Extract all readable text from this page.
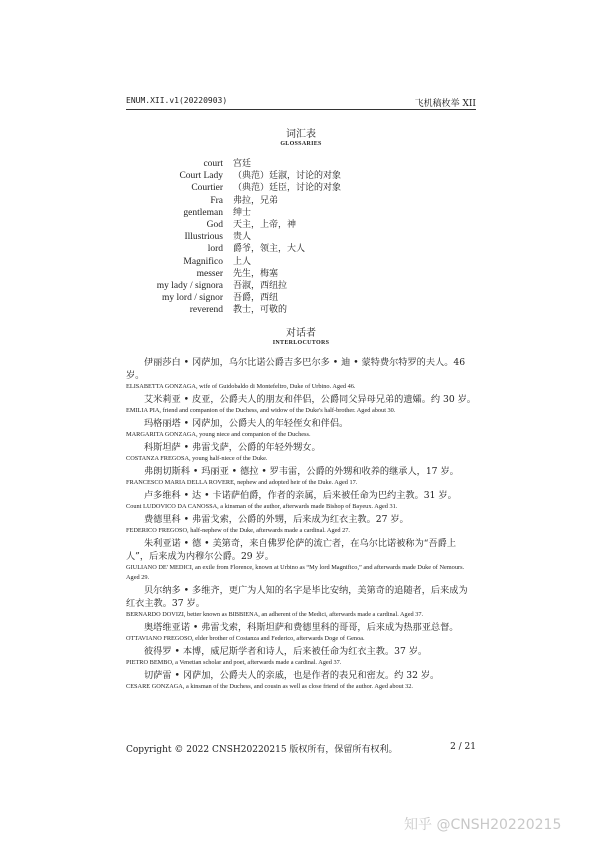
ENUM.XII.v1(20220903)	飞机稿枚举 XII
词汇表
GLOSSARIES
court 宫廷
Court Lady （典范）廷淑，讨论的对象
Courtier （典范）廷臣，讨论的对象
Fra 弗拉，兄弟
gentleman 绅士
God 天主，上帝，神
Illustrious 贵人
lord 爵爷，领主，大人
Magnifico 上人
messer 先生，梅塞
my lady / signora 吾淑，西纽拉
my lord / signor 吾爵，西纽
reverend 教士，可敬的
对话者
INTERLOCUTORS

伊丽莎白 • 冈萨加，乌尔比诺公爵吉多巴尔多 • 迪 • 蒙特费尔特罗的夫人。46 岁。

ELISABETTA GONZAGA, wife of Guidobaldo di Montefeltro, Duke of Urbino. Aged 46.

艾米莉亚 • 皮亚，公爵夫人的朋友和伴侣，公爵同父异母兄弟的遗孀。约 30 岁。

EMILIA PIA, friend and companion of the Duchess, and widow of the Duke's half-brother. Aged about 30.

玛格丽塔 • 冈萨加，公爵夫人的年轻侄女和伴侣。

MARGARITA GONZAGA, young niece and companion of the Duchess.

科斯坦萨 • 弗雷戈萨，公爵的年轻外甥女。

COSTANZA FREGOSA, young half-niece of the Duke.

弗朗切斯科 • 玛丽亚 • 德拉 • 罗韦雷，公爵的外甥和收养的继承人，17 岁。

FRANCESCO MARIA DELLA ROVERE, nephew and adopted heir of the Duke. Aged 17.

卢多维科 • 达 • 卡诺萨伯爵，作者的亲属，后来被任命为巴约主教。31 岁。

Count LUDOVICO DA CANOSSA, a kinsman of the author, afterwards made Bishop of Bayeux. Aged 31.

费德里科 • 弗雷戈索，公爵的外甥，后来成为红衣主教。27 岁。

FEDERICO FREGOSO, half-nephew of the Duke, afterwards made a cardinal. Aged 27.

朱利亚诺 • 德 • 美第奇，来自佛罗伦萨的流亡者，在乌尔比诺被称为“吾爵上人”，后来成为内穆尔公爵。29 岁。

GIULIANO DE' MEDICI, an exile from Florence, known at Urbino as “My lord Magnifico,” and afterwards made Duke of Nemours. Aged 29.

贝尔纳多 • 多维齐，更广为人知的名字是毕比安纳，美第奇的追随者，后来成为红衣主教。37 岁。

BERNARDO DOVIZI, better known as BIBBIENA, an adherent of the Medici, afterwards made a cardinal. Aged 37.

奥塔维亚诺 • 弗雷戈索，科斯坦萨和费德里科的哥哥，后来成为热那亚总督。

OTTAVIANO FREGOSO, elder brother of Costanza and Federico, afterwards Doge of Genoa.

彼得罗 • 本博，威尼斯学者和诗人，后来被任命为红衣主教。37 岁。

PIETRO BEMBO, a Venetian scholar and poet, afterwards made a cardinal. Aged 37.

切萨雷 • 冈萨加，公爵夫人的亲戚，也是作者的表兄和密友。约 32 岁。

CESARE GONZAGA, a kinsman of the Duchess, and cousin as well as close friend of the author. Aged about 32.

Copyright © 2022 CNSH20220215 版权所有，保留所有权利。	2 / 21
知乎 @CNSH20220215
